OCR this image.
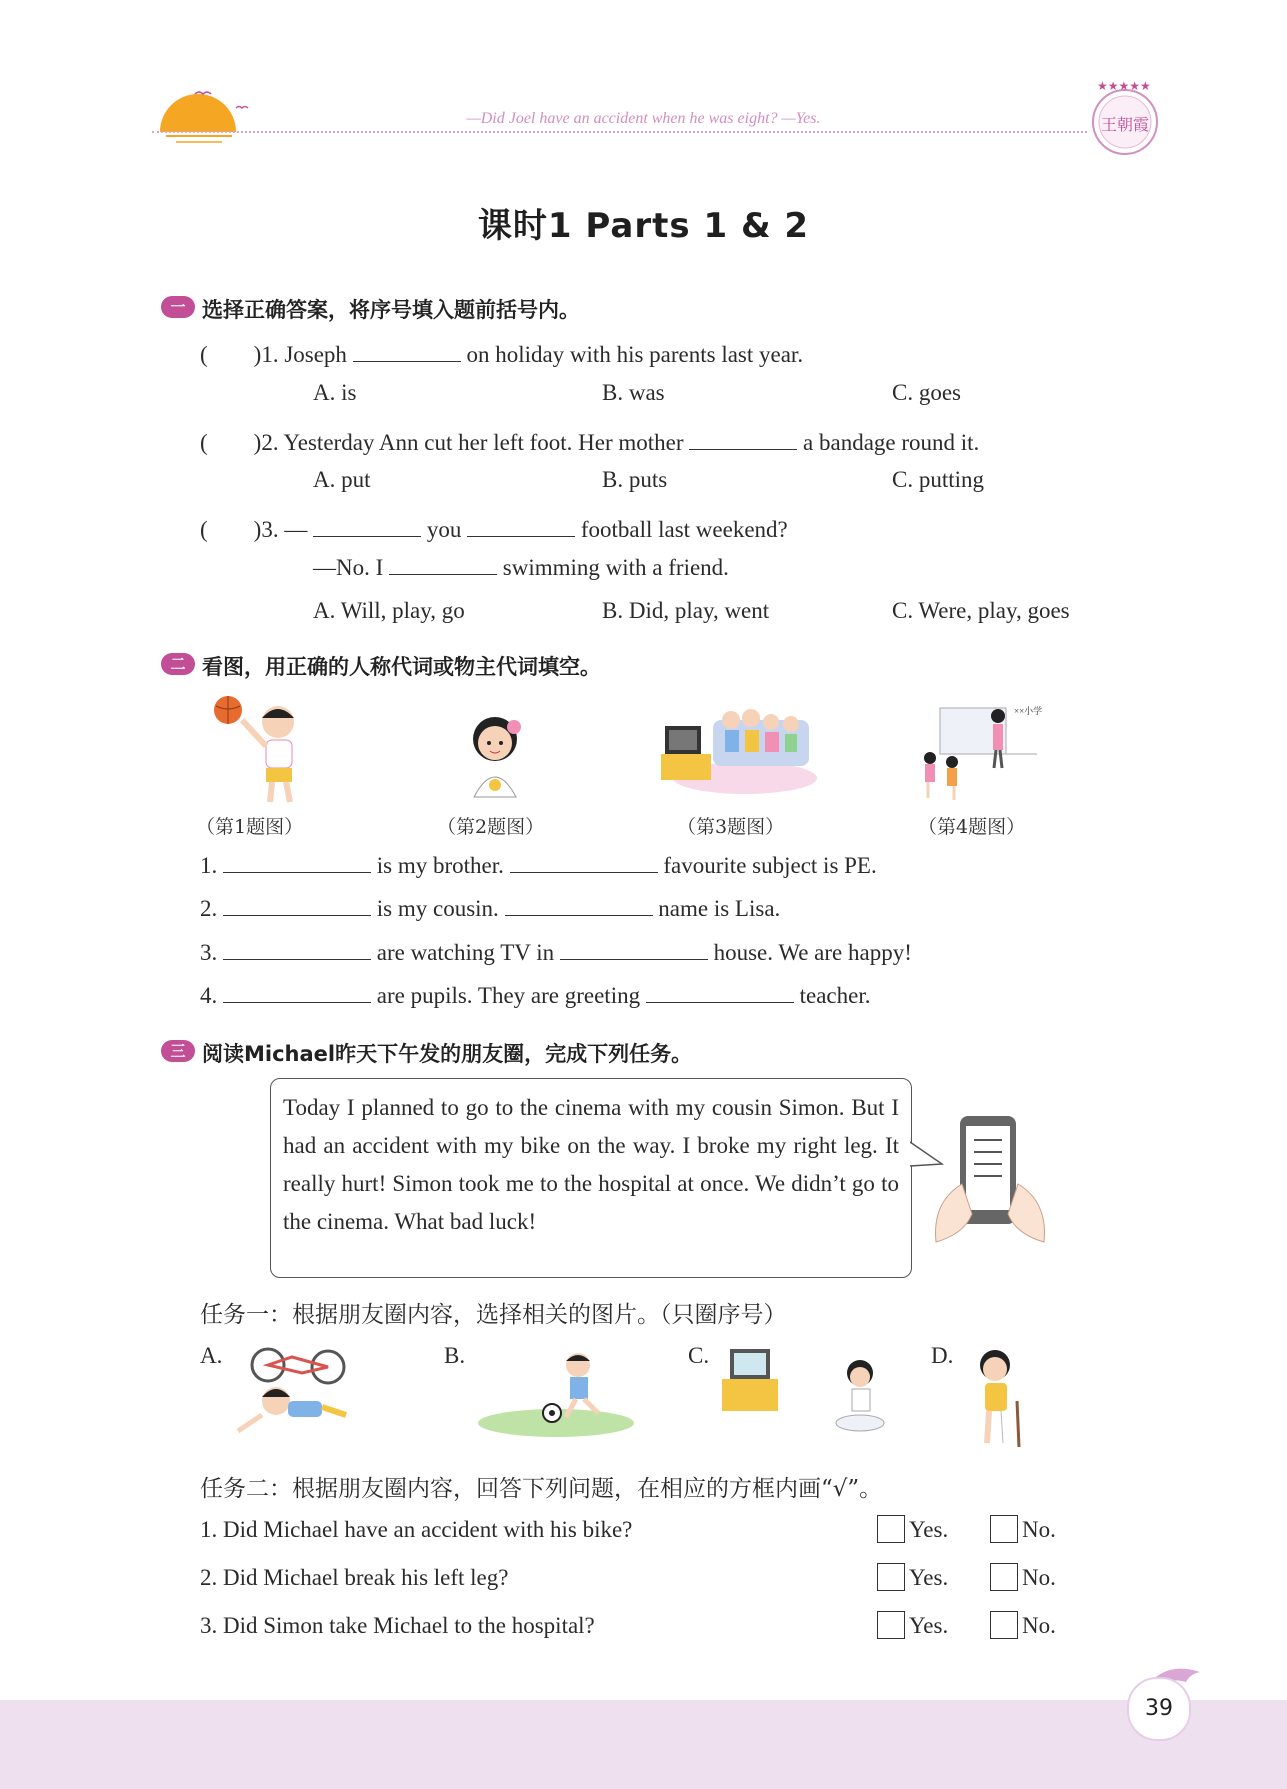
—Did Joel have an accident when he was eight? —Yes.
★★★★★
王朝霞
课时1 Parts 1 & 2
一 选择正确答案，将序号填入题前括号内。
(　　)1. Joseph	on holiday with his parents last year.
A. is	B. was	C. goes
(　　)2. Yesterday Ann cut her left foot. Her mother	a bandage round it.
A. put	B. puts	C. putting
(　　)3. —	you	football last weekend?
—No. I	swimming with a friend.
A. Will, play, go	B. Did, play, went	C. Were, play, goes
二 看图，用正确的人称代词或物主代词填空。
××小学
（第1题图）	（第2题图）	（第3题图）	（第4题图）
1.	is my brother.	favourite subject is PE.
2.	is my cousin.	name is Lisa.
3.	are watching TV in	house. We are happy!
4.	are pupils. They are greeting	teacher.
三 阅读Michael昨天下午发的朋友圈，完成下列任务。
Today I planned to go to the cinema with my cousin Simon. But I had an accident with my bike on the way. I broke my right leg. It really hurt! Simon took me to the hospital at once. We didn’t go to the cinema. What bad luck!
任务一：根据朋友圈内容，选择相关的图片。（只圈序号）
A.	B.	C.	D.
任务二：根据朋友圈内容，回答下列问题，在相应的方框内画“√”。
1. Did Michael have an accident with his bike?	Yes.	No.
2. Did Michael break his left leg?	Yes.	No.
3. Did Simon take Michael to the hospital?	Yes.	No.
39
